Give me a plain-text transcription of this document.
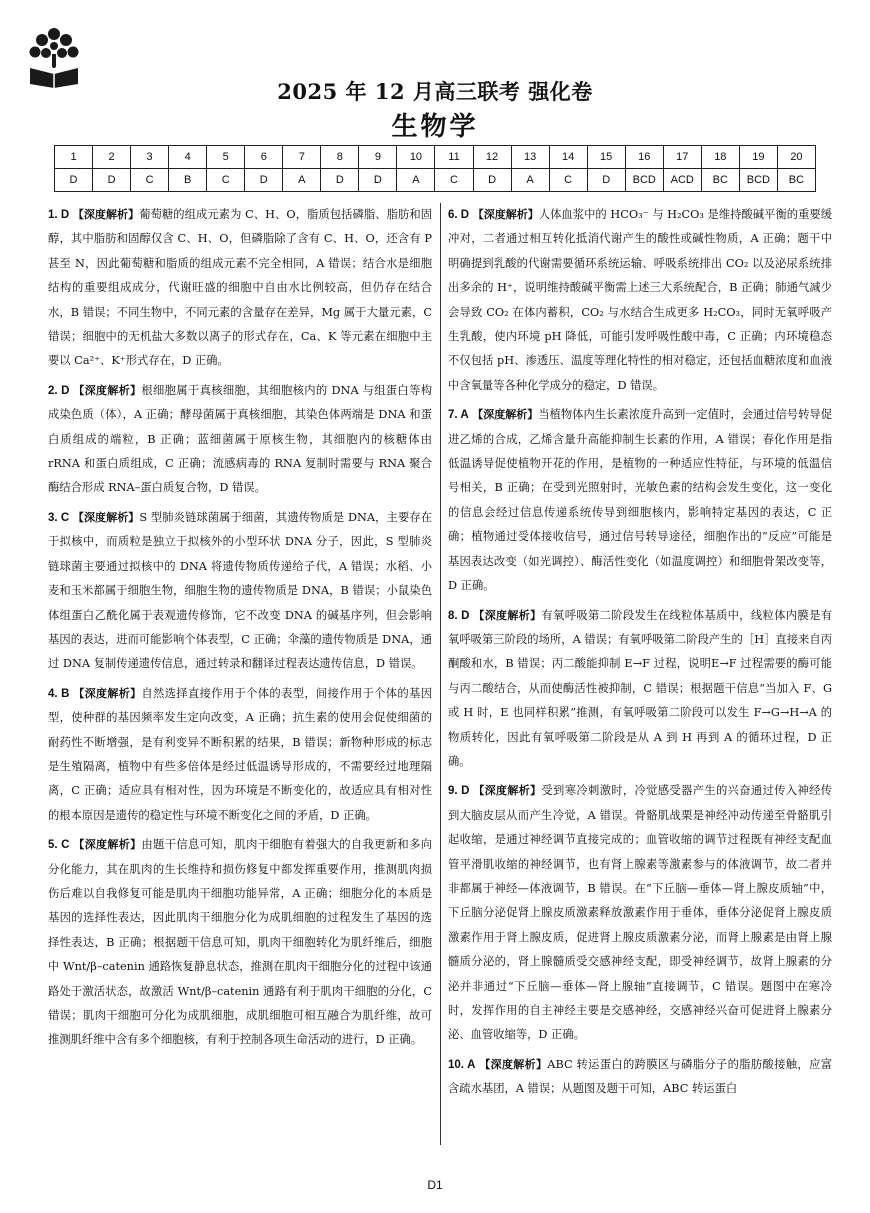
2025 年 12 月高三联考 强化卷
生物学
1	2	3	4	5	6	7	8	9	10	11	12	13	14	15	16	17	18	19	20
D	D	C	B	C	D	A	D	D	A	C	D	A	C	D	BCD	ACD	BC	BCD	BC

1. D 【深度解析】葡萄糖的组成元素为 C、H、O，脂质包括磷脂、脂肪和固醇，其中脂肪和固醇仅含 C、H、O，但磷脂除了含有 C、H、O，还含有 P 甚至 N，因此葡萄糖和脂质的组成元素不完全相同，A 错误；结合水是细胞结构的重要组成成分，代谢旺盛的细胞中自由水比例较高，但仍存在结合水，B 错误；不同生物中，不同元素的含量存在差异，Mg 属于大量元素，C 错误；细胞中的无机盐大多数以离子的形式存在，Ca、K 等元素在细胞中主要以 Ca²⁺、K⁺形式存在，D 正确。

2. D 【深度解析】根细胞属于真核细胞，其细胞核内的 DNA 与组蛋白等构成染色质（体），A 正确；酵母菌属于真核细胞，其染色体两端是 DNA 和蛋白质组成的端粒，B 正确；蓝细菌属于原核生物，其细胞内的核糖体由 rRNA 和蛋白质组成，C 正确；流感病毒的 RNA 复制时需要与 RNA 聚合酶结合形成 RNA–蛋白质复合物，D 错误。

3. C 【深度解析】S 型肺炎链球菌属于细菌，其遗传物质是 DNA，主要存在于拟核中，而质粒是独立于拟核外的小型环状 DNA 分子，因此，S 型肺炎链球菌主要通过拟核中的 DNA 将遗传物质传递给子代，A 错误；水稻、小麦和玉米都属于细胞生物，细胞生物的遗传物质是 DNA，B 错误；小鼠染色体组蛋白乙酰化属于表观遗传修饰，它不改变 DNA 的碱基序列，但会影响基因的表达，进而可能影响个体表型，C 正确；伞藻的遗传物质是 DNA，通过 DNA 复制传递遗传信息，通过转录和翻译过程表达遗传信息，D 错误。

4. B 【深度解析】自然选择直接作用于个体的表型，间接作用于个体的基因型，使种群的基因频率发生定向改变，A 正确；抗生素的使用会促使细菌的耐药性不断增强，是有利变异不断积累的结果，B 错误；新物种形成的标志是生殖隔离，植物中有些多倍体是经过低温诱导形成的，不需要经过地理隔离，C 正确；适应具有相对性，因为环境是不断变化的，故适应具有相对性的根本原因是遗传的稳定性与环境不断变化之间的矛盾，D 正确。

5. C 【深度解析】由题干信息可知，肌肉干细胞有着强大的自我更新和多向分化能力，其在肌肉的生长维持和损伤修复中都发挥重要作用，推测肌肉损伤后难以自我修复可能是肌肉干细胞功能异常，A 正确；细胞分化的本质是基因的选择性表达，因此肌肉干细胞分化为成肌细胞的过程发生了基因的选择性表达，B 正确；根据题干信息可知，肌肉干细胞转化为肌纤维后，细胞中 Wnt/β–catenin 通路恢复静息状态，推测在肌肉干细胞分化的过程中该通路处于激活状态，故激活 Wnt/β–catenin 通路有利于肌肉干细胞的分化，C 错误；肌肉干细胞可分化为成肌细胞，成肌细胞可相互融合为肌纤维，故可推测肌纤维中含有多个细胞核，有利于控制各项生命活动的进行，D 正确。

6. D 【深度解析】人体血浆中的 HCO₃⁻ 与 H₂CO₃ 是维持酸碱平衡的重要缓冲对，二者通过相互转化抵消代谢产生的酸性或碱性物质，A 正确；题干中明确提到乳酸的代谢需要循环系统运输、呼吸系统排出 CO₂ 以及泌尿系统排出多余的 H⁺，说明维持酸碱平衡需上述三大系统配合，B 正确；肺通气减少会导致 CO₂ 在体内蓄积，CO₂ 与水结合生成更多 H₂CO₃，同时无氧呼吸产生乳酸，使内环境 pH 降低，可能引发呼吸性酸中毒，C 正确；内环境稳态不仅包括 pH、渗透压、温度等理化特性的相对稳定，还包括血糖浓度和血液中含氧量等各种化学成分的稳定，D 错误。

7. A 【深度解析】当植物体内生长素浓度升高到一定值时，会通过信号转导促进乙烯的合成，乙烯含量升高能抑制生长素的作用，A 错误；春化作用是指低温诱导促使植物开花的作用，是植物的一种适应性特征，与环境的低温信号相关，B 正确；在受到光照射时，光敏色素的结构会发生变化，这一变化的信息会经过信息传递系统传导到细胞核内，影响特定基因的表达，C 正确；植物通过受体接收信号，通过信号转导途径，细胞作出的“反应”可能是基因表达改变（如光调控）、酶活性变化（如温度调控）和细胞骨架改变等，D 正确。

8. D 【深度解析】有氧呼吸第二阶段发生在线粒体基质中，线粒体内膜是有氧呼吸第三阶段的场所，A 错误；有氧呼吸第二阶段产生的［H］直接来自丙酮酸和水，B 错误；丙二酸能抑制 E→F 过程，说明E→F 过程需要的酶可能与丙二酸结合，从而使酶活性被抑制，C 错误；根据题干信息“当加入 F、G 或 H 时，E 也同样积累”推测，有氧呼吸第二阶段可以发生 F→G→H→A 的物质转化，因此有氧呼吸第二阶段是从 A 到 H 再到 A 的循环过程，D 正确。

9. D 【深度解析】受到寒冷刺激时，冷觉感受器产生的兴奋通过传入神经传到大脑皮层从而产生冷觉，A 错误。骨骼肌战栗是神经冲动传递至骨骼肌引起收缩，是通过神经调节直接完成的；血管收缩的调节过程既有神经支配血管平滑肌收缩的神经调节，也有肾上腺素等激素参与的体液调节，故二者并非都属于神经—体液调节，B 错误。在“下丘脑—垂体—肾上腺皮质轴”中，下丘脑分泌促肾上腺皮质激素释放激素作用于垂体，垂体分泌促肾上腺皮质激素作用于肾上腺皮质，促进肾上腺皮质激素分泌，而肾上腺素是由肾上腺髓质分泌的，肾上腺髓质受交感神经支配，即受神经调节，故肾上腺素的分泌并非通过“下丘脑—垂体—肾上腺轴”直接调节，C 错误。题图中在寒冷时，发挥作用的自主神经主要是交感神经，交感神经兴奋可促进肾上腺素分泌、血管收缩等，D 正确。

10. A 【深度解析】ABC 转运蛋白的跨膜区与磷脂分子的脂肪酸接触，应富含疏水基团，A 错误；从题图及题干可知，ABC 转运蛋白

D1
